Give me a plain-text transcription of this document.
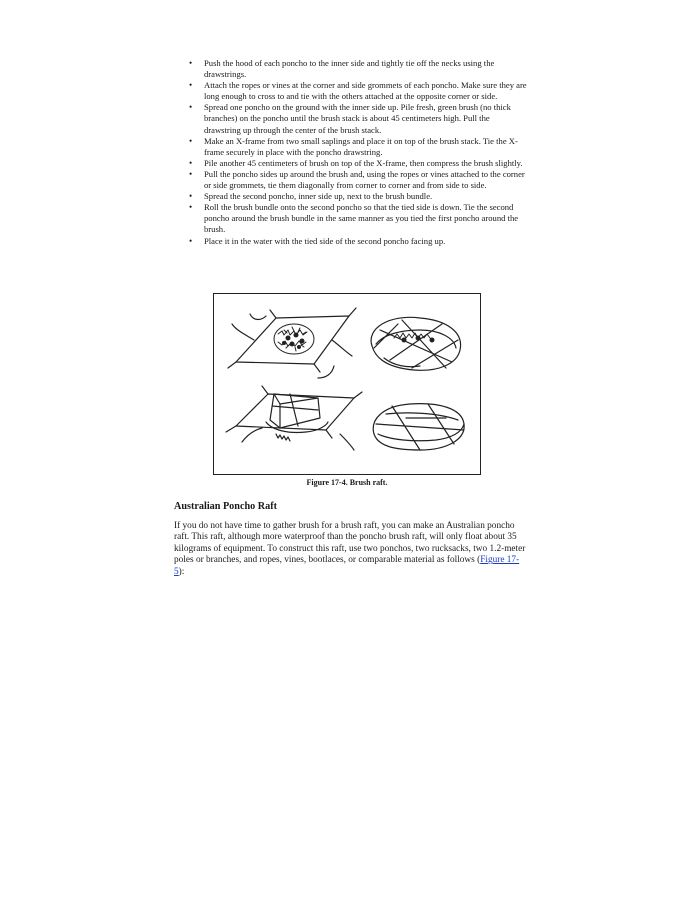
• Push the hood of each poncho to the inner side and tightly tie off the necks using the drawstrings.
• Attach the ropes or vines at the corner and side grommets of each poncho. Make sure they are long enough to cross to and tie with the others attached at the opposite corner or side.
• Spread one poncho on the ground with the inner side up. Pile fresh, green brush (no thick branches) on the poncho until the brush stack is about 45 centimeters high. Pull the drawstring up through the center of the brush stack.
• Make an X-frame from two small saplings and place it on top of the brush stack. Tie the X-frame securely in place with the poncho drawstring.
• Pile another 45 centimeters of brush on top of the X-frame, then compress the brush slightly.
• Pull the poncho sides up around the brush and, using the ropes or vines attached to the corner or side grommets, tie them diagonally from corner to corner and from side to side.
• Spread the second poncho, inner side up, next to the brush bundle.
• Roll the brush bundle onto the second poncho so that the tied side is down. Tie the second poncho around the brush bundle in the same manner as you tied the first poncho around the brush.
• Place it in the water with the tied side of the second poncho facing up.
Figure 17-4. Brush raft.
Australian Poncho Raft

If you do not have time to gather brush for a brush raft, you can make an Australian poncho raft. This raft, although more waterproof than the poncho brush raft, will only float about 35 kilograms of equipment. To construct this raft, use two ponchos, two rucksacks, two 1.2-meter poles or branches, and ropes, vines, bootlaces, or comparable material as follows (Figure 17-5):
